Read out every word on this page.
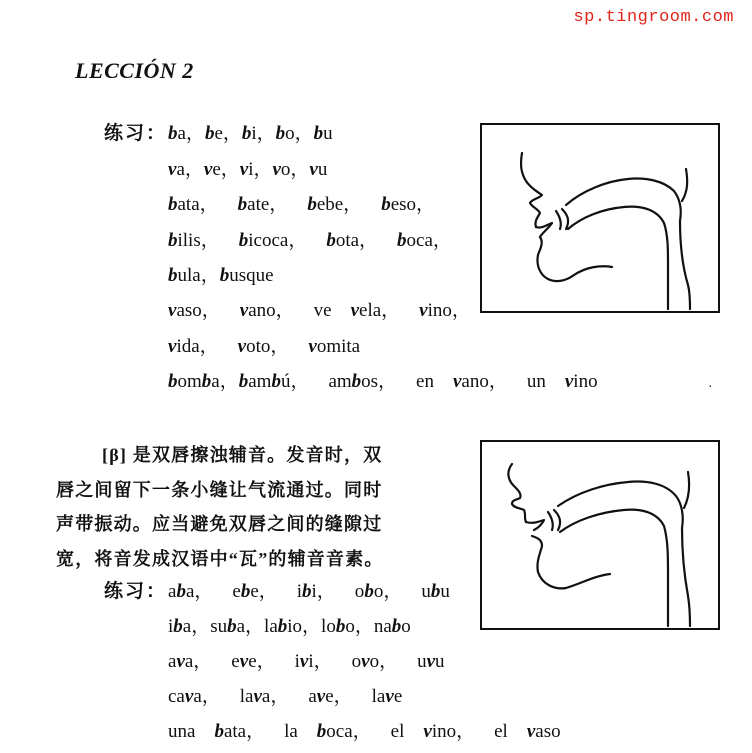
sp.tingroom.com
LECCIÓN 2
练习： ba，be，bi，bo，bu
va，ve，vi，vo，vu
bata， bate， bebe， beso，
bilis， bicoca， bota， boca，
bula，busque
vaso， vano， ve vela， vino，
vida， voto， vomita
bomba，bambú， ambos， en vano， un vino	·
[β] 是双唇擦浊辅音。发音时，双
唇之间留下一条小缝让气流通过。同时
声带振动。应当避免双唇之间的缝隙过
宽，将音发成汉语中“瓦”的辅音音素。
练习： aba， ebe， ibi， obo， ubu
iba，suba，labio，lobo，nabo
ava， eve， ivi， ovo， uvu
cava， lava， ave， lave
una bata， la boca， el vino， el vaso
